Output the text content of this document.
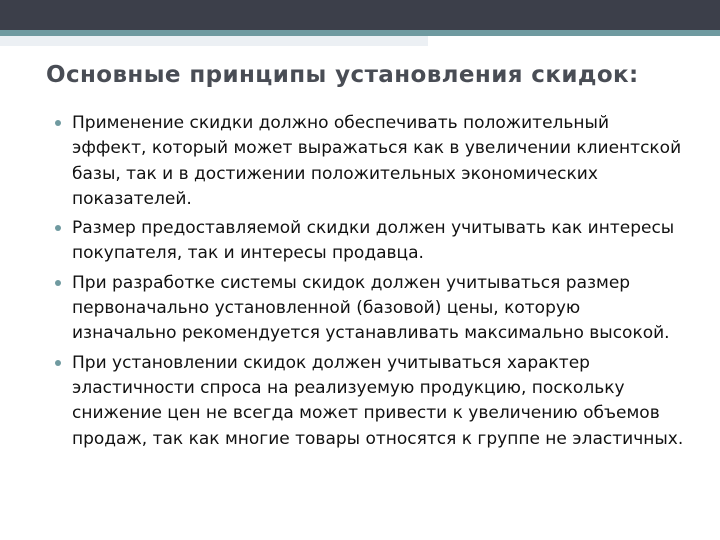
Основные принципы установления скидок:
Применение скидки должно обеспечивать положительный эффект, который может выражаться как в увеличении клиентской базы, так и в достижении положительных экономических показателей.
Размер предоставляемой скидки должен учитывать как интересы покупателя, так и интересы продавца.
При разработке системы скидок должен учитываться размер первоначально установленной (базовой) цены, которую изначально рекомендуется устанавливать максимально высокой.
При установлении скидок должен учитываться характер эластичности спроса на реализуемую продукцию, поскольку снижение цен не всегда может привести к увеличению объемов продаж, так как многие товары относятся к группе не эластичных.
